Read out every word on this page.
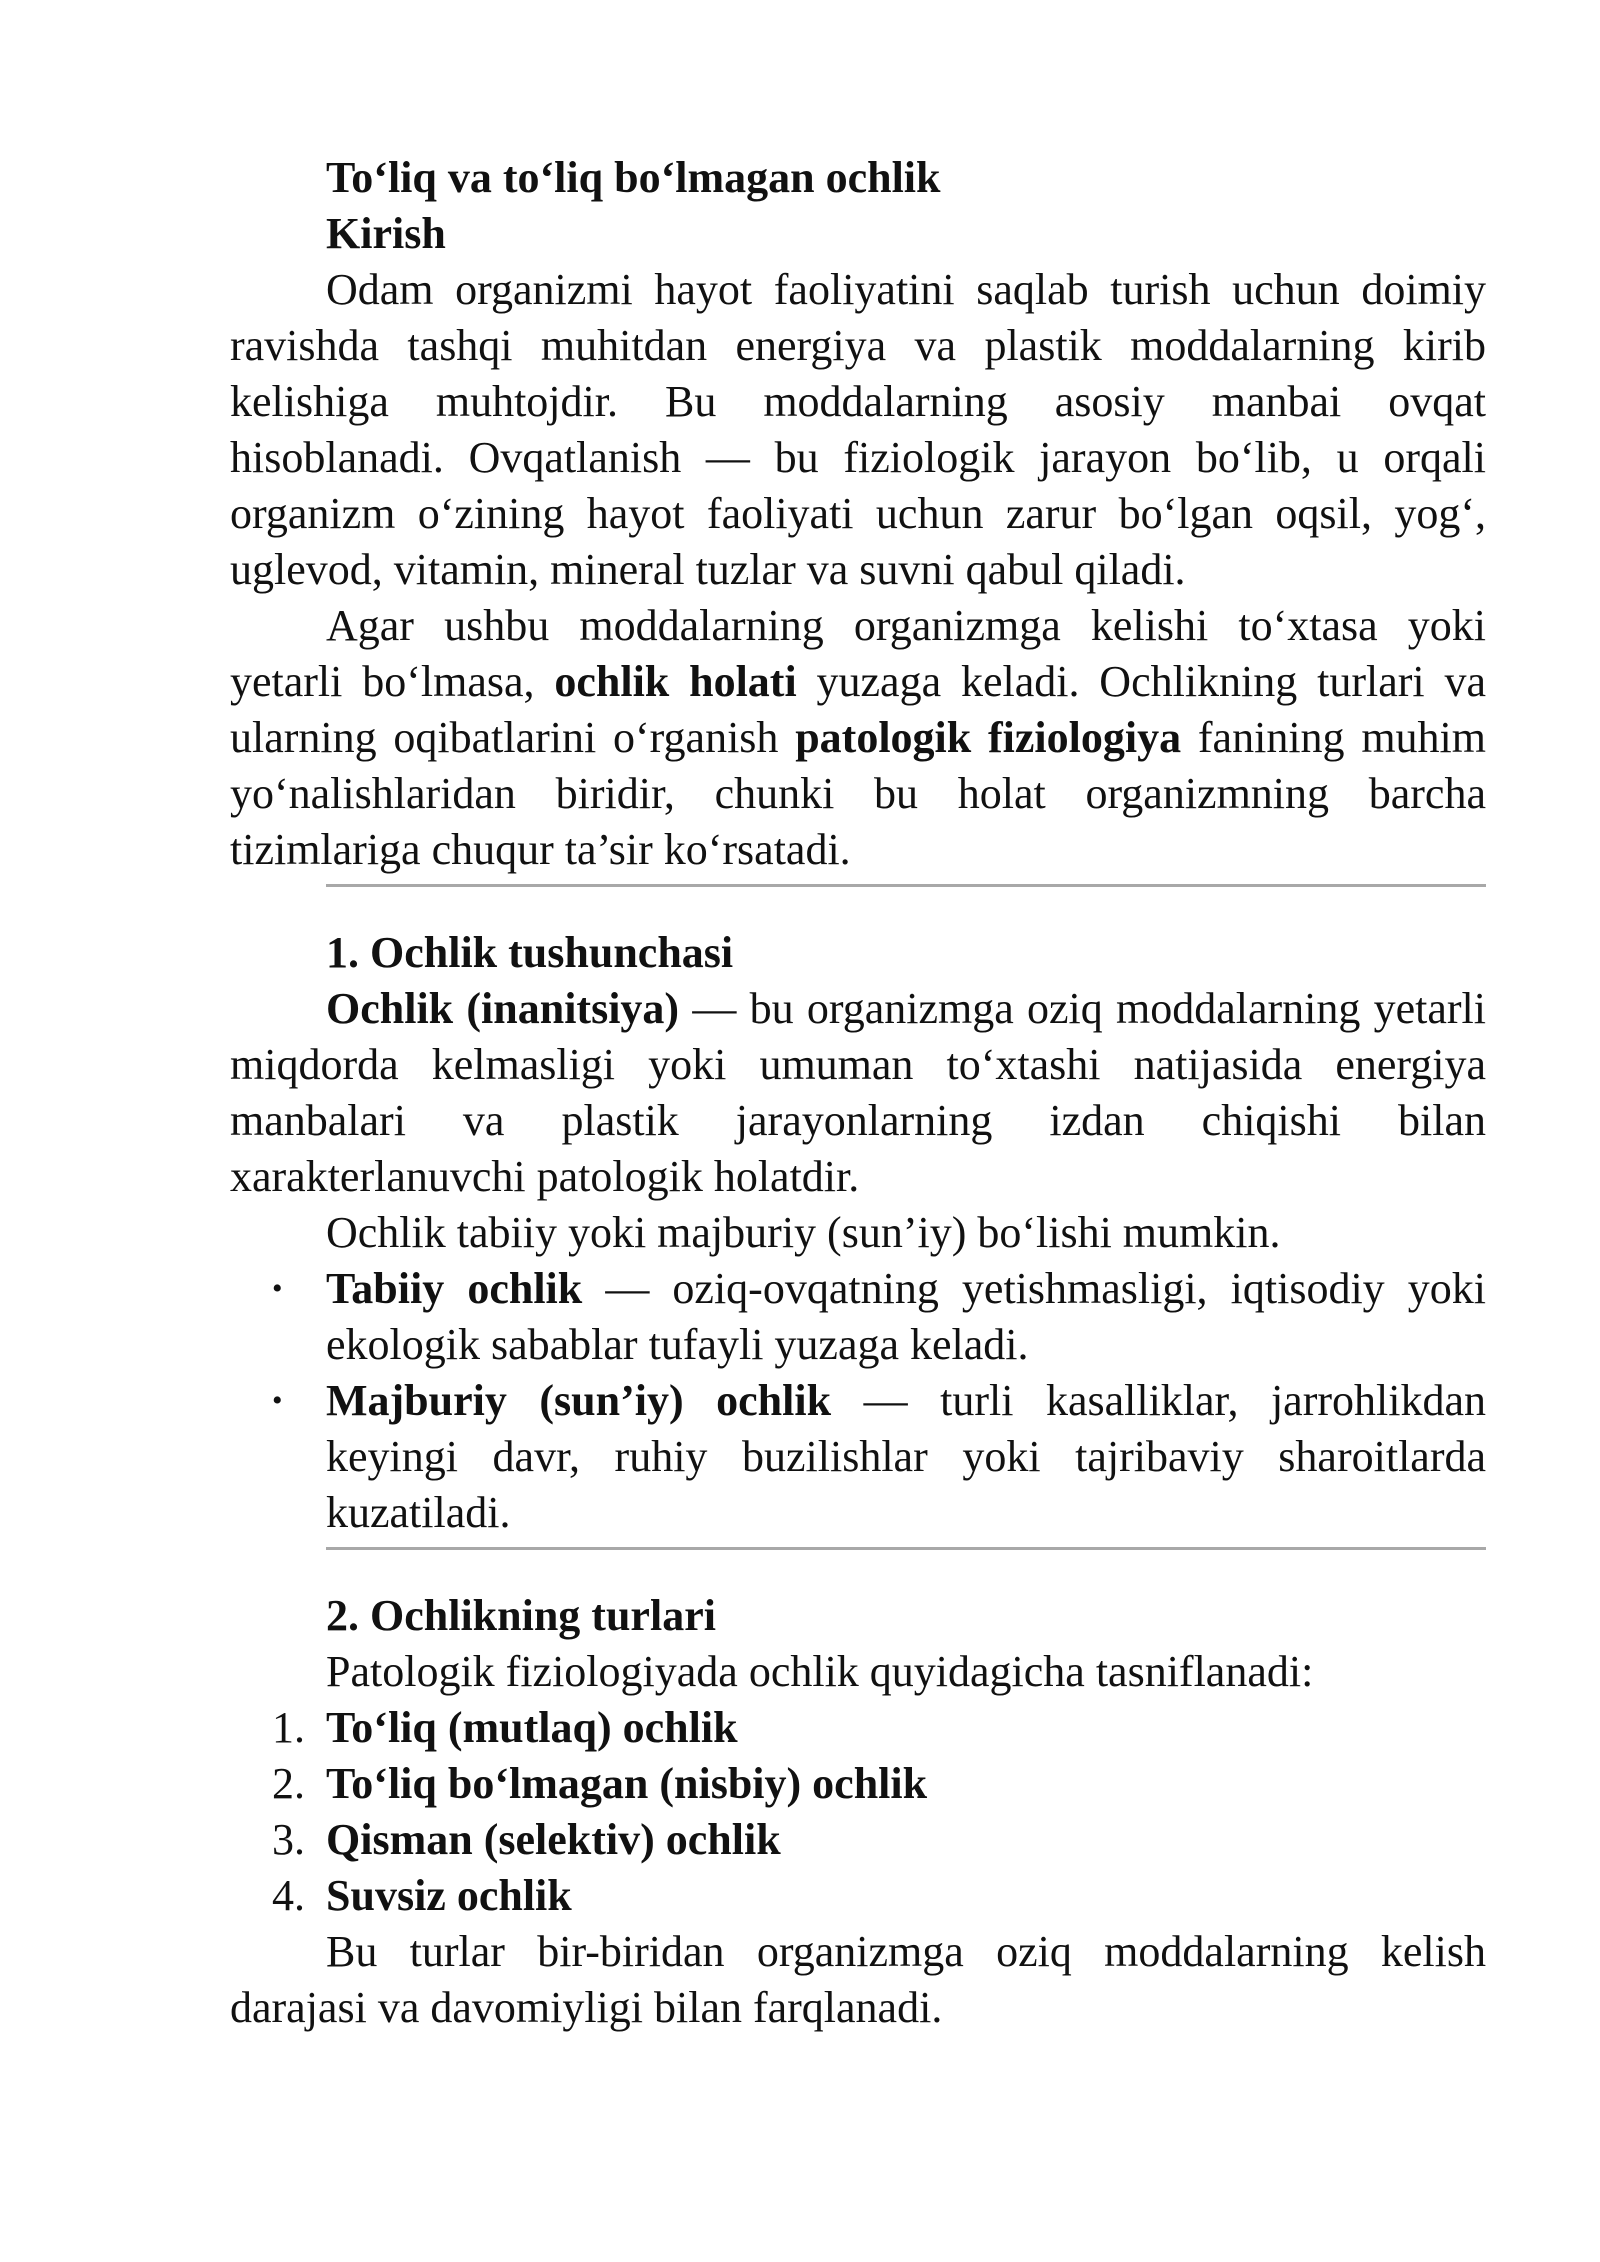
To‘liq va to‘liq bo‘lmagan ochlik
Kirish

Odam organizmi hayot faoliyatini saqlab turish uchun doimiy ravishda tashqi muhitdan energiya va plastik moddalarning kirib kelishiga muhtojdir. Bu moddalarning asosiy manbai ovqat hisoblanadi. Ovqatlanish — bu fiziologik jarayon bo‘lib, u orqali organizm o‘zining hayot faoliyati uchun zarur bo‘lgan oqsil, yog‘, uglevod, vitamin, mineral tuzlar va suvni qabul qiladi.

Agar ushbu moddalarning organizmga kelishi to‘xtasa yoki yetarli bo‘lmasa, ochlik holati yuzaga keladi. Ochlikning turlari va ularning oqibatlarini o‘rganish patologik fiziologiya fanining muhim yo‘nalishlaridan biridir, chunki bu holat organizmning barcha tizimlariga chuqur ta’sir ko‘rsatadi.

1. Ochlik tushunchasi

Ochlik (inanitsiya) — bu organizmga oziq moddalarning yetarli miqdorda kelmasligi yoki umuman to‘xtashi natijasida energiya manbalari va plastik jarayonlarning izdan chiqishi bilan xarakterlanuvchi patologik holatdir.

Ochlik tabiiy yoki majburiy (sun’iy) bo‘lishi mumkin.

• Tabiiy ochlik — oziq-ovqatning yetishmasligi, iqtisodiy yoki ekologik sabablar tufayli yuzaga keladi.
• Majburiy (sun’iy) ochlik — turli kasalliklar, jarrohlikdan keyingi davr, ruhiy buzilishlar yoki tajribaviy sharoitlarda kuzatiladi.
2. Ochlikning turlari

Patologik fiziologiyada ochlik quyidagicha tasniflanadi:

1. To‘liq (mutlaq) ochlik
2. To‘liq bo‘lmagan (nisbiy) ochlik
3. Qisman (selektiv) ochlik
4. Suvsiz ochlik

Bu turlar bir-biridan organizmga oziq moddalarning kelish darajasi va davomiyligi bilan farqlanadi.
